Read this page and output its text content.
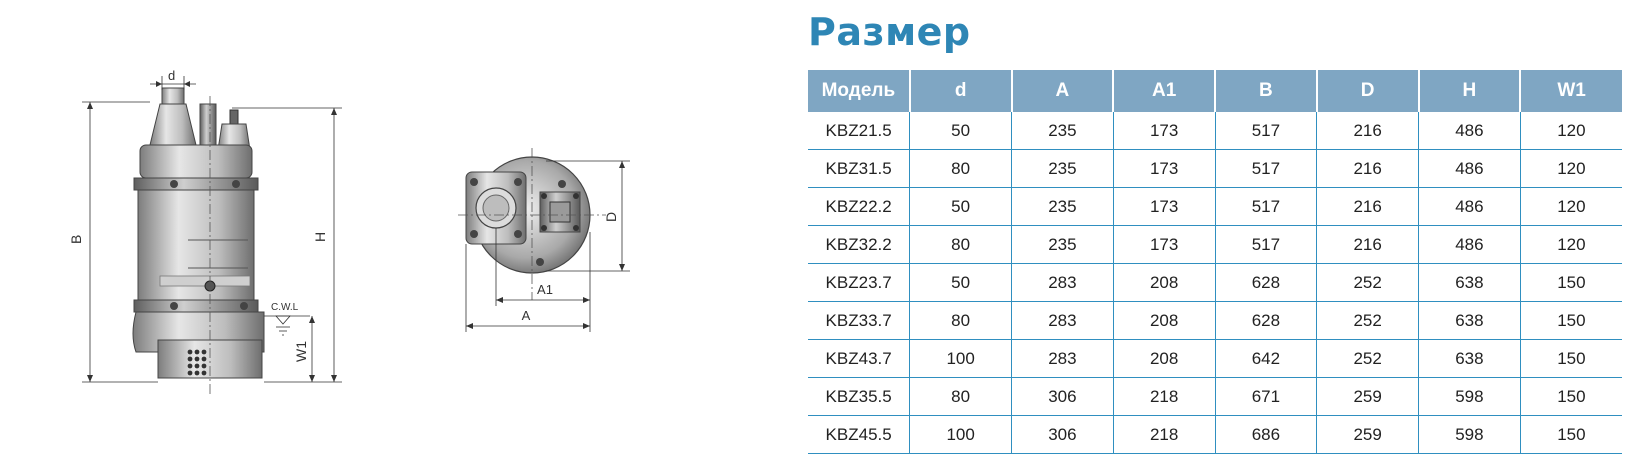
d
B	H
C.W.L
W1
D
A1
A
Размер
Модель	d	A	A1	B	D	H	W1
KBZ21.5	50	235	173	517	216	486	120
KBZ31.5	80	235	173	517	216	486	120
KBZ22.2	50	235	173	517	216	486	120
KBZ32.2	80	235	173	517	216	486	120
KBZ23.7	50	283	208	628	252	638	150
KBZ33.7	80	283	208	628	252	638	150
KBZ43.7	100	283	208	642	252	638	150
KBZ35.5	80	306	218	671	259	598	150
KBZ45.5	100	306	218	686	259	598	150
